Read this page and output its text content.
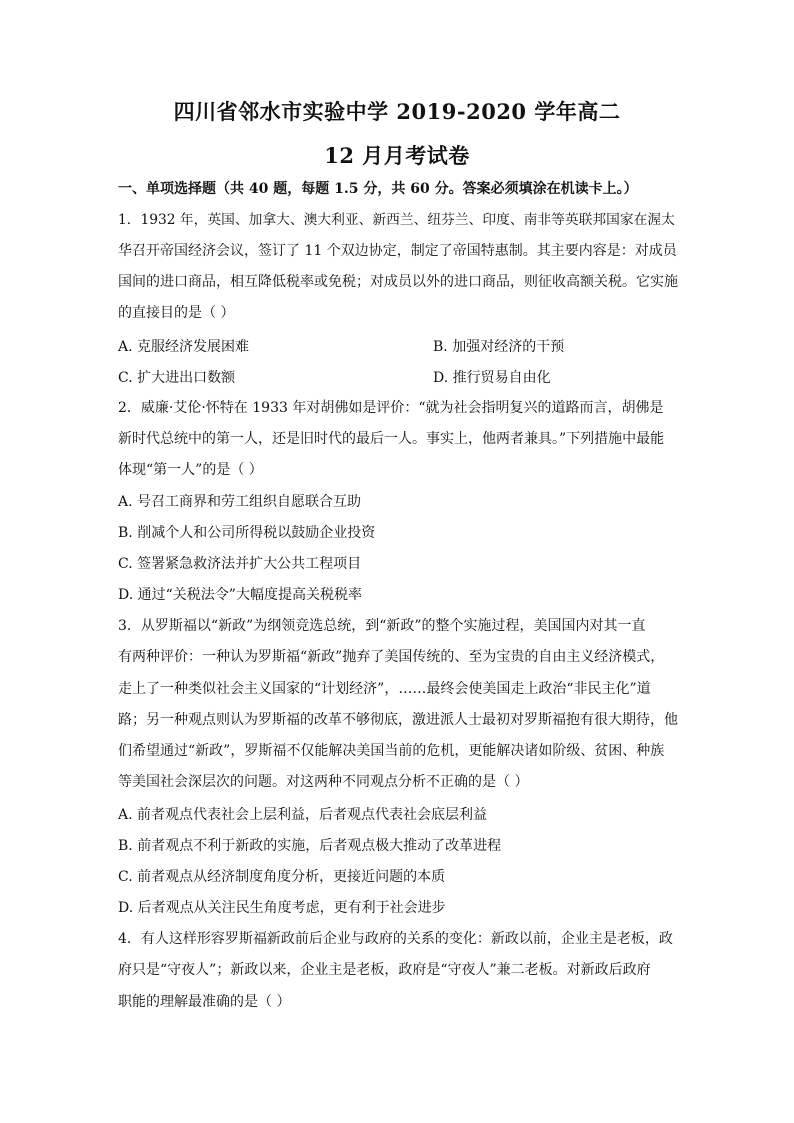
四川省邻水市实验中学 2019-2020 学年高二
12 月月考试卷
一、单项选择题（共 40 题，每题 1.5 分，共 60 分。答案必须填涂在机读卡上。）
1．1932 年，英国、加拿大、澳大利亚、新西兰、纽芬兰、印度、南非等英联邦国家在渥太
华召开帝国经济会议，签订了 11 个双边协定，制定了帝国特惠制。其主要内容是：对成员
国间的进口商品，相互降低税率或免税；对成员以外的进口商品，则征收高额关税。它实施
的直接目的是（ ）
A. 克服经济发展困难	B. 加强对经济的干预
C. 扩大进出口数额	D. 推行贸易自由化
2．威廉·艾伦·怀特在 1933 年对胡佛如是评价：“就为社会指明复兴的道路而言，胡佛是
新时代总统中的第一人，还是旧时代的最后一人。事实上，他两者兼具。”下列措施中最能
体现“第一人”的是（ ）
A. 号召工商界和劳工组织自愿联合互助
B. 削减个人和公司所得税以鼓励企业投资
C. 签署紧急救济法并扩大公共工程项目
D. 通过“关税法令”大幅度提高关税税率
3．从罗斯福以“新政”为纲领竞选总统，到“新政”的整个实施过程，美国国内对其一直
有两种评价：一种认为罗斯福“新政”抛弃了美国传统的、至为宝贵的自由主义经济模式，
走上了一种类似社会主义国家的“计划经济”，……最终会使美国走上政治“非民主化”道
路；另一种观点则认为罗斯福的改革不够彻底，激进派人士最初对罗斯福抱有很大期待，他
们希望通过“新政”，罗斯福不仅能解决美国当前的危机，更能解决诸如阶级、贫困、种族
等美国社会深层次的问题。对这两种不同观点分析不正确的是（ ）
A. 前者观点代表社会上层利益，后者观点代表社会底层利益
B. 前者观点不利于新政的实施，后者观点极大推动了改革进程
C. 前者观点从经济制度角度分析，更接近问题的本质
D. 后者观点从关注民生角度考虑，更有利于社会进步
4．有人这样形容罗斯福新政前后企业与政府的关系的变化：新政以前，企业主是老板，政
府只是“守夜人”；新政以来，企业主是老板，政府是“守夜人”兼二老板。对新政后政府
职能的理解最准确的是（ ）
